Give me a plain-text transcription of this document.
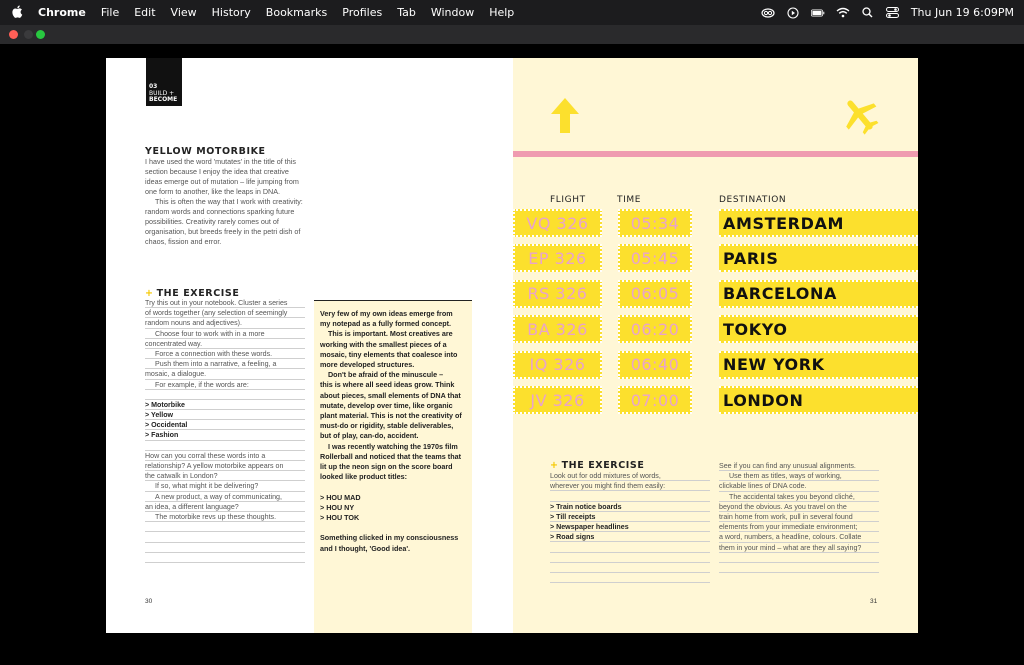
Chrome File Edit View History Bookmarks Profiles Tab Window Help	Thu Jun 19 6:09PM
03
BUILD +
BECOME
YELLOW MOTORBIKE

I have used the word 'mutates' in the title of this section because I enjoy the idea that creative ideas emerge out of mutation – life jumping from one form to another, like the leaps in DNA.

This is often the way that I work with creativity: random words and connections sparking future possibilities. Creativity rarely comes out of organisation, but breeds freely in the petri dish of chaos, fission and error.

+ THE EXERCISE
Try this out in your notebook. Cluster a series
of words together (any selection of seemingly
random nouns and adjectives).
Choose four to work with in a more
concentrated way.
Force a connection with these words.
Push them into a narrative, a feeling, a
mosaic, a dialogue.
For example, if the words are:
> Motorbike
> Yellow
> Occidental
> Fashion
How can you corral these words into a
relationship? A yellow motorbike appears on
the catwalk in London?
If so, what might it be delivering?
A new product, a way of communicating,
an idea, a different language?
The motorbike revs up these thoughts.

Very few of my own ideas emerge from

my notepad as a fully formed concept.

This is important. Most creatives are

working with the smallest pieces of a

mosaic, tiny elements that coalesce into

more developed structures.

Don't be afraid of the minuscule –

this is where all seed ideas grow. Think

about pieces, small elements of DNA that

mutate, develop over time, like organic

plant material. This is not the creativity of

must-do or rigidity, stable deliverables,

but of play, can-do, accident.

I was recently watching the 1970s film

Rollerball and noticed that the teams that

lit up the neon sign on the score board

looked like product titles:

> HOU MAD

> HOU NY

> HOU TOK

Something clicked in my consciousness

and I thought, 'Good idea'.

30
FLIGHT	TIME	DESTINATION
VQ 326	05:34	AMSTERDAM
EP 326	05:45	PARIS
RS 326	06:05	BARCELONA
BA 326	06:20	TOKYO
IQ 326	06:40	NEW YORK
JV 326	07:00	LONDON
+ THE EXERCISE
Look out for odd mixtures of words,
wherever you might find them easily:
> Train notice boards
> Till receipts
> Newspaper headlines
> Road signs
See if you can find any unusual alignments.
Use them as titles, ways of working,
clickable lines of DNA code.
The accidental takes you beyond cliché,
beyond the obvious. As you travel on the
train home from work, pull in several found
elements from your immediate environment;
a word, numbers, a headline, colours. Collate
them in your mind – what are they all saying?
31
